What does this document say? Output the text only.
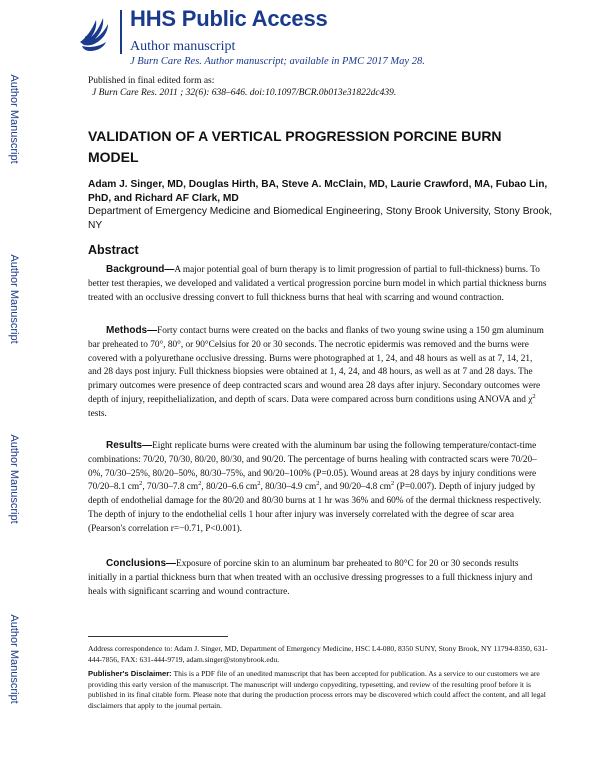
HHS Public Access
Author manuscript
J Burn Care Res. Author manuscript; available in PMC 2017 May 28.
Published in final edited form as:
J Burn Care Res. 2011 ; 32(6): 638–646. doi:10.1097/BCR.0b013e31822dc439.
Author Manuscript
Author Manuscript
Author Manuscript
Author Manuscript
VALIDATION OF A VERTICAL PROGRESSION PORCINE BURN MODEL
Adam J. Singer, MD, Douglas Hirth, BA, Steve A. McClain, MD, Laurie Crawford, MA, Fubao Lin, PhD, and Richard AF Clark, MD
Department of Emergency Medicine and Biomedical Engineering, Stony Brook University, Stony Brook, NY
Abstract

Background—A major potential goal of burn therapy is to limit progression of partial to full-thickness) burns. To better test therapies, we developed and validated a vertical progression porcine burn model in which partial thickness burns treated with an occlusive dressing convert to full thickness burns that heal with scarring and wound contraction.

Methods—Forty contact burns were created on the backs and flanks of two young swine using a 150 gm aluminum bar preheated to 70°, 80°, or 90°Celsius for 20 or 30 seconds. The necrotic epidermis was removed and the burns were covered with a polyurethane occlusive dressing. Burns were photographed at 1, 24, and 48 hours as well as at 7, 14, 21, and 28 days post injury. Full thickness biopsies were obtained at 1, 4, 24, and 48 hours, as well as at 7 and 28 days. The primary outcomes were presence of deep contracted scars and wound area 28 days after injury. Secondary outcomes were depth of injury, reepithelialization, and depth of scars. Data were compared across burn conditions using ANOVA and $\chi^2$ tests.

Results—Eight replicate burns were created with the aluminum bar using the following temperature/contact-time combinations: 70/20, 70/30, 80/20, 80/30, and 90/20. The percentage of burns healing with contracted scars were 70/20–0%, 70/30–25%, 80/20–50%, 80/30–75%, and 90/20–100% (P=0.05). Wound areas at 28 days by injury conditions were 70/20–8.1 $cm^2$, 70/30–7.8 $cm^2$, 80/20–6.6 $cm^2$, 80/30–4.9 $cm^2$, and 90/20–4.8 $cm^2$ (P=0.007). Depth of injury judged by depth of endothelial damage for the 80/20 and 80/30 burns at 1 hr was 36% and 60% of the dermal thickness respectively. The depth of injury to the endothelial cells 1 hour after injury was inversely correlated with the degree of scar area (Pearson's correlation r=−0.71, P<0.001).

Conclusions—Exposure of porcine skin to an aluminum bar preheated to 80°C for 20 or 30 seconds results initially in a partial thickness burn that when treated with an occlusive dressing progresses to a full thickness injury and heals with significant scarring and wound contracture.

Address correspondence to: Adam J. Singer, MD, Department of Emergency Medicine, HSC L4-080, 8350 SUNY, Stony Brook, NY 11794-8350, 631-444-7856, FAX: 631-444-9719, adam.singer@stonybrook.edu.

Publisher's Disclaimer: This is a PDF file of an unedited manuscript that has been accepted for publication. As a service to our customers we are providing this early version of the manuscript. The manuscript will undergo copyediting, typesetting, and review of the resulting proof before it is published in its final citable form. Please note that during the production process errors may be discovered which could affect the content, and all legal disclaimers that apply to the journal pertain.
